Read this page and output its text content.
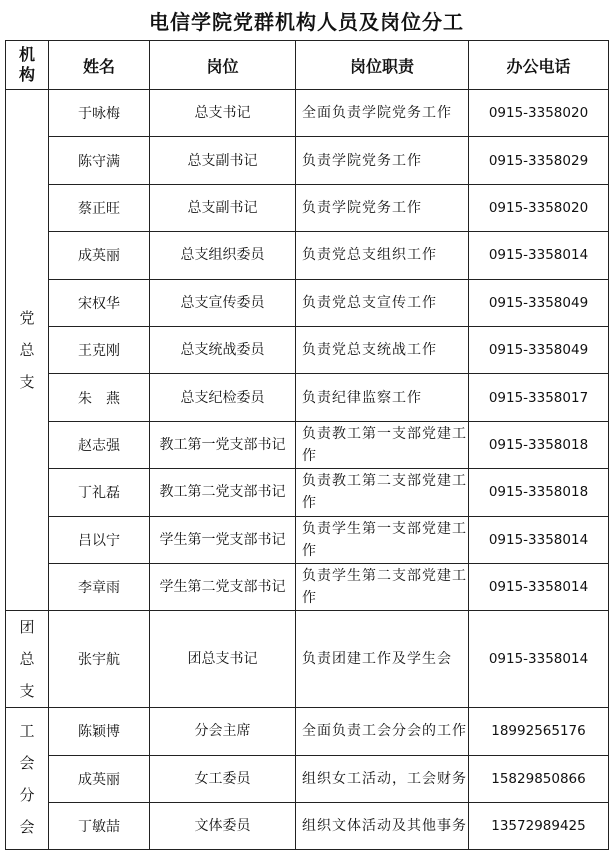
电信学院党群机构人员及岗位分工
机
构	姓名	岗位	岗位职责	办公电话

党
总
支	于咏梅	总支书记	全面负责学院党务工作	0915-3358020
	陈守满	总支副书记	负责学院党务工作	0915-3358029
	蔡正旺	总支副书记	负责学院党务工作	0915-3358020
	成英丽	总支组织委员	负责党总支组织工作	0915-3358014
	宋权华	总支宣传委员	负责党总支宣传工作	0915-3358049
	王克刚	总支统战委员	负责党总支统战工作	0915-3358049
	朱　燕	总支纪检委员	负责纪律监察工作	0915-3358017
	赵志强	教工第一党支部书记	负责教工第一支部党建工作	0915-3358018
	丁礼磊	教工第二党支部书记	负责教工第二支部党建工作	0915-3358018
	吕以宁	学生第一党支部书记	负责学生第一支部党建工作	0915-3358014
	李章雨	学生第二党支部书记	负责学生第二支部党建工作	0915-3358014

团
总
支	张宇航	团总支书记	负责团建工作及学生会	0915-3358014

工
会
分
会	陈颖博	分会主席	全面负责工会分会的工作	18992565176
	成英丽	女工委员	组织女工活动，工会财务	15829850866
	丁敏喆	文体委员	组织文体活动及其他事务	13572989425
